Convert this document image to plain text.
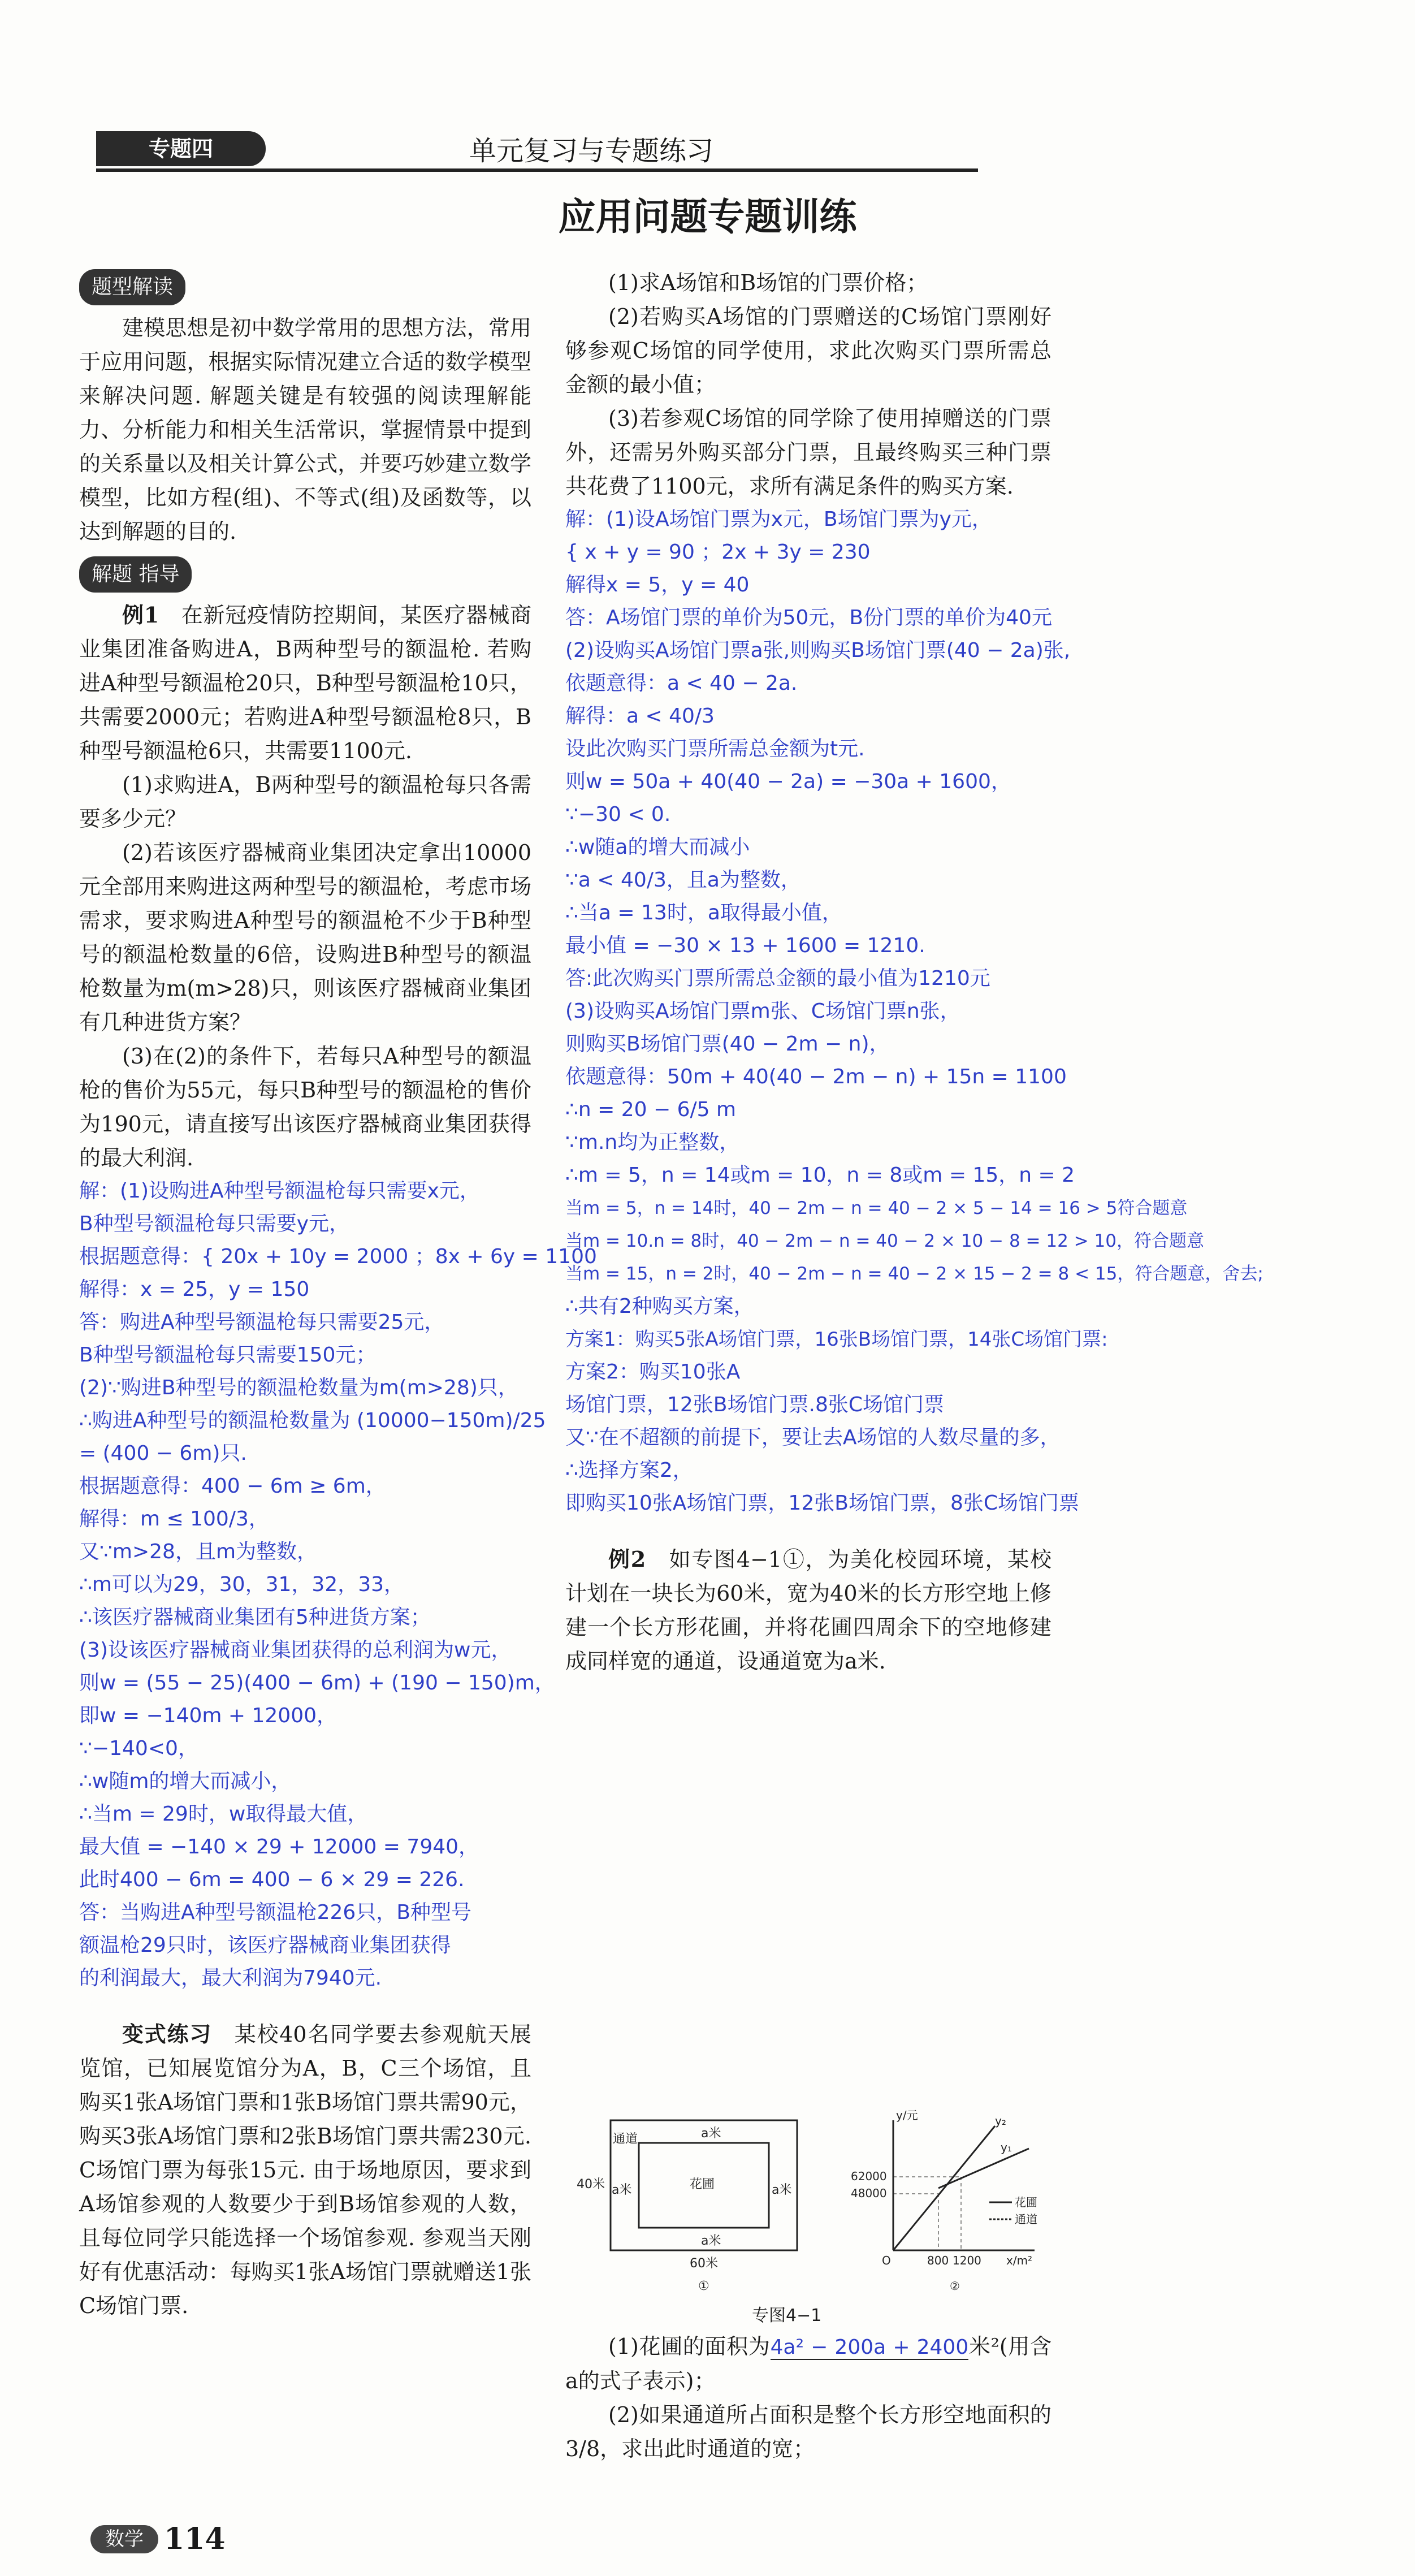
专题四	单元复习与专题练习
应用问题专题训练
题型解读

建模思想是初中数学常用的思想方法，常用于应用问题，根据实际情况建立合适的数学模型来解决问题. 解题关键是有较强的阅读理解能力、分析能力和相关生活常识，掌握情景中提到的关系量以及相关计算公式，并要巧妙建立数学模型，比如方程(组)、不等式(组)及函数等，以达到解题的目的.

解题 指导

例1　 在新冠疫情防控期间，某医疗器械商业集团准备购进A，B两种型号的额温枪. 若购进A种型号额温枪20只，B种型号额温枪10只，共需要2000元；若购进A种型号额温枪8只，B种型号额温枪6只，共需要1100元.

(1)求购进A，B两种型号的额温枪每只各需要多少元？

(2)若该医疗器械商业集团决定拿出10000元全部用来购进这两种型号的额温枪，考虑市场需求，要求购进A种型号的额温枪不少于B种型号的额温枪数量的6倍，设购进B种型号的额温枪数量为m(m>28)只，则该医疗器械商业集团有几种进货方案？

(3)在(2)的条件下，若每只A种型号的额温枪的售价为55元，每只B种型号的额温枪的售价为190元，请直接写出该医疗器械商业集团获得的最大利润.

解：(1)设购进A种型号额温枪每只需要x元，
B种型号额温枪每只需要y元，
根据题意得：{ 20x + 10y = 2000 ；8x + 6y = 1100
解得：x = 25，y = 150
答：购进A种型号额温枪每只需要25元，
B种型号额温枪每只需要150元；
(2)∵购进B种型号的额温枪数量为m(m>28)只，
∴购进A种型号的额温枪数量为 (10000−150m)/25
= (400 − 6m)只.
根据题意得：400 − 6m ≥ 6m，
解得：m ≤ 100/3，
又∵m>28，且m为整数，
∴m可以为29，30，31，32，33，
∴该医疗器械商业集团有5种进货方案；
(3)设该医疗器械商业集团获得的总利润为w元，
则w = (55 − 25)(400 − 6m) + (190 − 150)m，
即w = −140m + 12000，
∵−140<0，
∴w随m的增大而减小，
∴当m = 29时，w取得最大值，
最大值 = −140 × 29 + 12000 = 7940，
此时400 − 6m = 400 − 6 × 29 = 226.
答：当购进A种型号额温枪226只，B种型号
额温枪29只时，该医疗器械商业集团获得
的利润最大，最大利润为7940元.

变式练习　 某校40名同学要去参观航天展览馆，已知展览馆分为A，B，C三个场馆，且购买1张A场馆门票和1张B场馆门票共需90元，购买3张A场馆门票和2张B场馆门票共需230元. C场馆门票为每张15元. 由于场地原因，要求到A场馆参观的人数要少于到B场馆参观的人数，且每位同学只能选择一个场馆参观. 参观当天刚好有优惠活动：每购买1张A场馆门票就赠送1张C场馆门票.

(1)求A场馆和B场馆的门票价格；

(2)若购买A场馆的门票赠送的C场馆门票刚好够参观C场馆的同学使用，求此次购买门票所需总金额的最小值；

(3)若参观C场馆的同学除了使用掉赠送的门票外，还需另外购买部分门票，且最终购买三种门票共花费了1100元，求所有满足条件的购买方案.

解：(1)设A场馆门票为x元，B场馆门票为y元，
{ x + y = 90 ；2x + 3y = 230
解得x = 5，y = 40
答：A场馆门票的单价为50元，B份门票的单价为40元
(2)设购买A场馆门票a张,则购买B场馆门票(40 − 2a)张,
依题意得：a < 40 − 2a.
解得：a < 40/3
设此次购买门票所需总金额为t元.
则w = 50a + 40(40 − 2a) = −30a + 1600，
∵−30 < 0.
∴w随a的增大而减小
∵a < 40/3，且a为整数，
∴当a = 13时，a取得最小值，
最小值 = −30 × 13 + 1600 = 1210.
答:此次购买门票所需总金额的最小值为1210元
(3)设购买A场馆门票m张、C场馆门票n张，
则购买B场馆门票(40 − 2m − n)，
依题意得：50m + 40(40 − 2m − n) + 15n = 1100
∴n = 20 − 6/5 m
∵m.n均为正整数，
∴m = 5，n = 14或m = 10，n = 8或m = 15，n = 2
当m = 5，n = 14时，40 − 2m − n = 40 − 2 × 5 − 14 = 16 > 5符合题意
当m = 10.n = 8时，40 − 2m − n = 40 − 2 × 10 − 8 = 12 > 10，符合题意
当m = 15，n = 2时，40 − 2m − n = 40 − 2 × 15 − 2 = 8 < 15，符合题意，舍去;
∴共有2种购买方案，
方案1：购买5张A场馆门票，16张B场馆门票，14张C场馆门票:
方案2：购买10张A
场馆门票，12张B场馆门票.8张C场馆门票
又∵在不超额的前提下，要让去A场馆的人数尽量的多，
∴选择方案2，
即购买10张A场馆门票，12张B场馆门票，8张C场馆门票

例2　 如专图4−1①，为美化校园环境，某校计划在一块长为60米，宽为40米的长方形空地上修建一个长方形花圃，并将花圃四周余下的空地修建成同样宽的通道，设通道宽为a米.

花圃
通道	a米
a米	a米
a米
40米
60米
①
y/元
x/m²
62000
48000
800 1200
O
y₂
y₁
花圃
通道
②
专图4−1

(1)花圃的面积为4a² − 200a + 2400米²(用含a的式子表示)；

(2)如果通道所占面积是整个长方形空地面积的3/8，求出此时通道的宽；

数学 114
